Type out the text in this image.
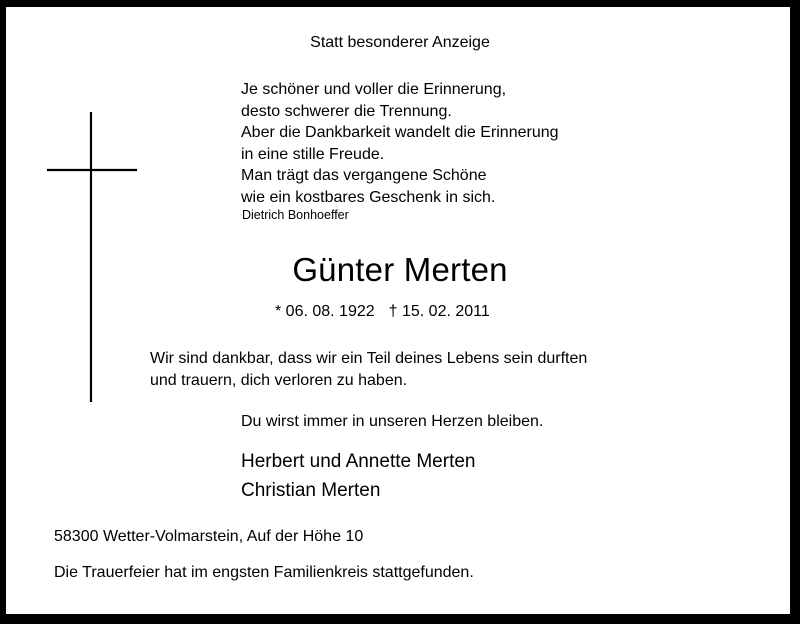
Statt besonderer Anzeige
Je schöner und voller die Erinnerung,
desto schwerer die Trennung.
Aber die Dankbarkeit wandelt die Erinnerung
in eine stille Freude.
Man trägt das vergangene Schöne
wie ein kostbares Geschenk in sich.
Dietrich Bonhoeffer
Günter Merten
* 06. 08. 1922 † 15. 02. 2011
Wir sind dankbar, dass wir ein Teil deines Lebens sein durften
und trauern, dich verloren zu haben.
Du wirst immer in unseren Herzen bleiben.
Herbert und Annette Merten
Christian Merten
58300 Wetter-Volmarstein, Auf der Höhe 10
Die Trauerfeier hat im engsten Familienkreis stattgefunden.
